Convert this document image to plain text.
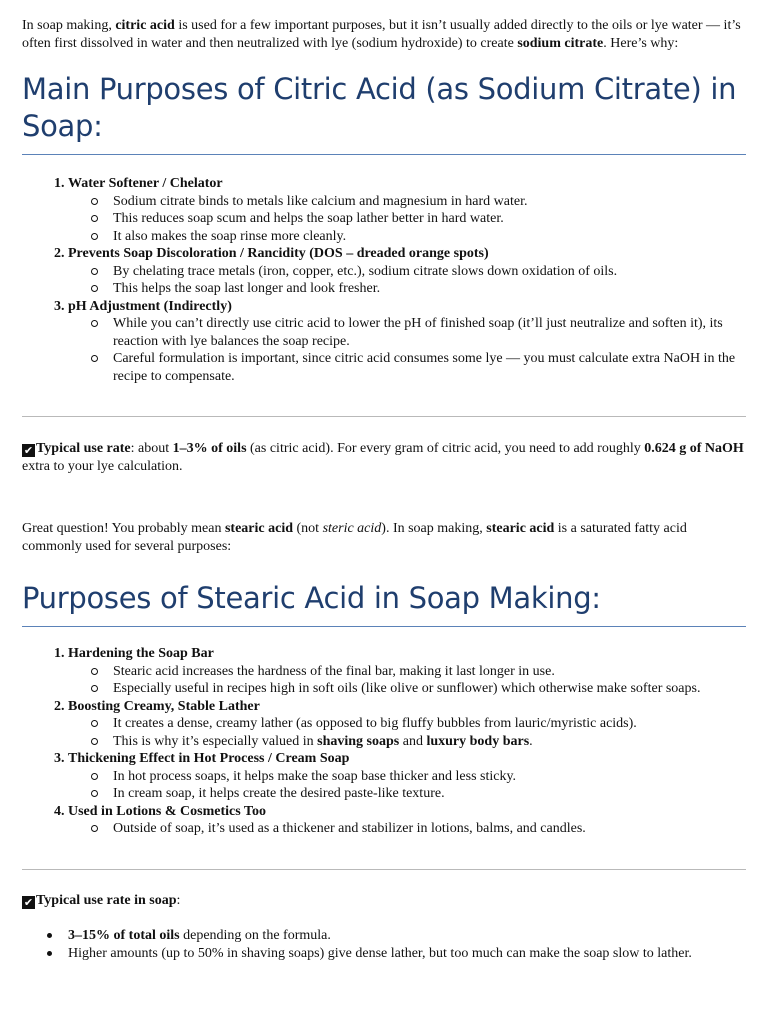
In soap making, citric acid is used for a few important purposes, but it isn’t usually added directly to the oils or lye water — it’s often first dissolved in water and then neutralized with lye (sodium hydroxide) to create sodium citrate. Here’s why:

Main Purposes of Citric Acid (as Sodium Citrate) in Soap:
1. Water Softener / Chelator
Sodium citrate binds to metals like calcium and magnesium in hard water.
This reduces soap scum and helps the soap lather better in hard water.
It also makes the soap rinse more cleanly.
2. Prevents Soap Discoloration / Rancidity (DOS – dreaded orange spots)
By chelating trace metals (iron, copper, etc.), sodium citrate slows down oxidation of oils.
This helps the soap last longer and look fresher.
3. pH Adjustment (Indirectly)
While you can’t directly use citric acid to lower the pH of finished soap (it’ll just neutralize and soften it), its reaction with lye balances the soap recipe.
Careful formulation is important, since citric acid consumes some lye — you must calculate extra NaOH in the recipe to compensate.

✔Typical use rate: about 1–3% of oils (as citric acid). For every gram of citric acid, you need to add roughly 0.624 g of NaOH extra to your lye calculation.

Great question! You probably mean stearic acid (not steric acid). In soap making, stearic acid is a saturated fatty acid commonly used for several purposes:

Purposes of Stearic Acid in Soap Making:
1. Hardening the Soap Bar
Stearic acid increases the hardness of the final bar, making it last longer in use.
Especially useful in recipes high in soft oils (like olive or sunflower) which otherwise make softer soaps.
2. Boosting Creamy, Stable Lather
It creates a dense, creamy lather (as opposed to big fluffy bubbles from lauric/myristic acids).
This is why it’s especially valued in shaving soaps and luxury body bars.
3. Thickening Effect in Hot Process / Cream Soap
In hot process soaps, it helps make the soap base thicker and less sticky.
In cream soap, it helps create the desired paste-like texture.
4. Used in Lotions & Cosmetics Too
Outside of soap, it’s used as a thickener and stabilizer in lotions, balms, and candles.

✔Typical use rate in soap:

3–15% of total oils depending on the formula.
Higher amounts (up to 50% in shaving soaps) give dense lather, but too much can make the soap slow to lather.
